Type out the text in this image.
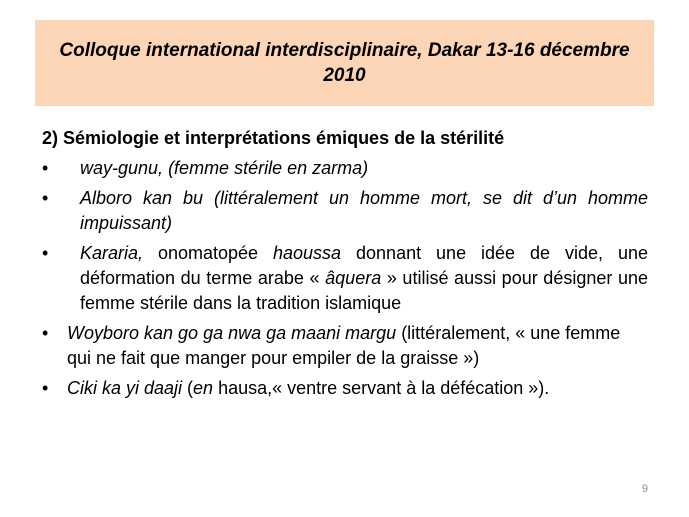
Colloque international interdisciplinaire, Dakar 13-16 décembre 2010
2) Sémiologie et interprétations émiques de la stérilité
• way-gunu, (femme stérile en zarma)
• Alboro kan bu (littéralement un homme mort, se dit d’un homme impuissant)
• Kararia, onomatopée haoussa donnant une idée de vide, une déformation du terme arabe « âquera » utilisé aussi pour désigner une femme stérile dans la tradition islamique
• Woyboro kan go ga nwa ga maani margu (littéralement, « une femme qui ne fait que manger pour empiler de la graisse »)
• Ciki ka yi daaji (en hausa,« ventre servant à la défécation »).
9
